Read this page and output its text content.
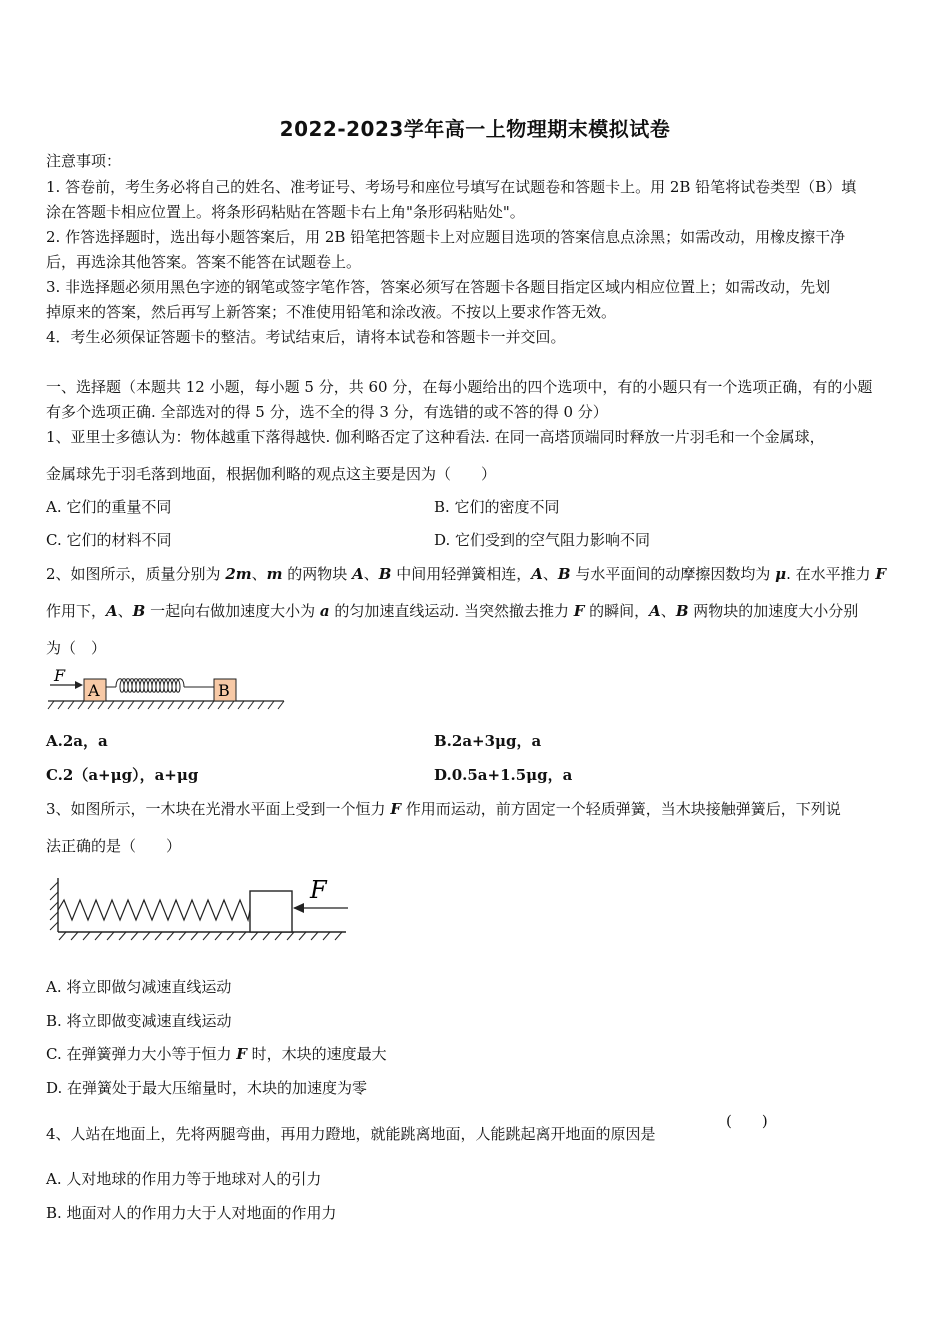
2022-2023学年高一上物理期末模拟试卷
注意事项：
1. 答卷前，考生务必将自己的姓名、准考证号、考场号和座位号填写在试题卷和答题卡上。用 2B 铅笔将试卷类型（B）填
涂在答题卡相应位置上。将条形码粘贴在答题卡右上角"条形码粘贴处"。
2. 作答选择题时，选出每小题答案后，用 2B 铅笔把答题卡上对应题目选项的答案信息点涂黑；如需改动，用橡皮擦干净
后，再选涂其他答案。答案不能答在试题卷上。
3. 非选择题必须用黑色字迹的钢笔或签字笔作答，答案必须写在答题卡各题目指定区域内相应位置上；如需改动，先划
掉原来的答案，然后再写上新答案；不准使用铅笔和涂改液。不按以上要求作答无效。
4．考生必须保证答题卡的整洁。考试结束后，请将本试卷和答题卡一并交回。
一、选择题（本题共 12 小题，每小题 5 分，共 60 分，在每小题给出的四个选项中，有的小题只有一个选项正确，有的小题
有多个选项正确. 全部选对的得 5 分，选不全的得 3 分，有选错的或不答的得 0 分）
1、亚里士多德认为：物体越重下落得越快. 伽利略否定了这种看法. 在同一高塔顶端同时释放一片羽毛和一个金属球，
金属球先于羽毛落到地面，根据伽利略的观点这主要是因为（　　）
A. 它们的重量不同	B. 它们的密度不同
C. 它们的材料不同	D. 它们受到的空气阻力影响不同
2、如图所示，质量分别为 2m、m 的两物块 A、B 中间用轻弹簧相连，A、B 与水平面间的动摩擦因数均为 μ. 在水平推力 F
作用下，A、B 一起向右做加速度大小为 a 的匀加速直线运动. 当突然撤去推力 F 的瞬间，A、B 两物块的加速度大小分别
为（　）
F
A	B
A.2a，a	B.2a+3μg，a
C.2（a+μg），a+μg	D.0.5a+1.5μg，a
3、如图所示，一木块在光滑水平面上受到一个恒力 F 作用而运动，前方固定一个轻质弹簧，当木块接触弹簧后，下列说
法正确的是（　　）
F
A. 将立即做匀减速直线运动
B. 将立即做变减速直线运动
C. 在弹簧弹力大小等于恒力 F 时，木块的速度最大
D. 在弹簧处于最大压缩量时，木块的加速度为零
4、人站在地面上，先将两腿弯曲，再用力蹬地，就能跳离地面，人能跳起离开地面的原因是
(　　)
A. 人对地球的作用力等于地球对人的引力
B. 地面对人的作用力大于人对地面的作用力
